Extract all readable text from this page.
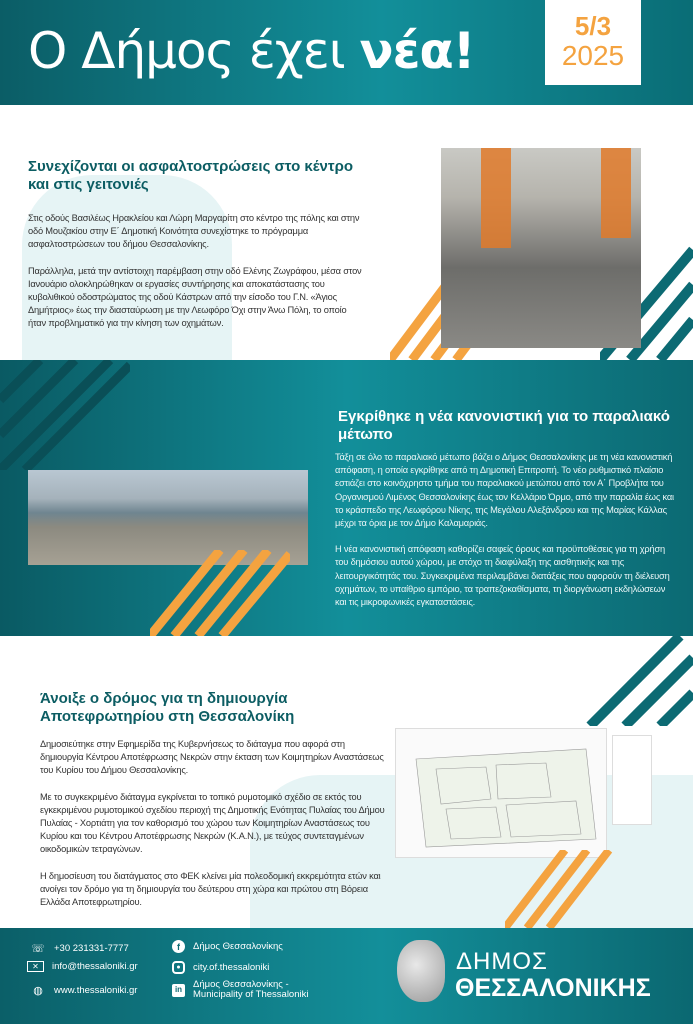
Ο Δήμος έχει νέα!	5/3
2025
Συνεχίζονται οι ασφαλτοστρώσεις στο κέντρο και στις γειτονιές

Στις οδούς Βασιλέως Ηρακλείου και Λώρη Μαργαρίτη στο κέντρο της πόλης και στην οδό Μουζακίου στην Ε΄ Δημοτική Κοινότητα συνεχίστηκε το πρόγραμμα ασφαλτοστρώσεων του δήμου Θεσσαλονίκης.

Παράλληλα, μετά την αντίστοιχη παρέμβαση στην οδό Ελένης Ζωγράφου, μέσα στον Ιανουάριο ολοκληρώθηκαν οι εργασίες συντήρησης και αποκατάστασης του κυβολιθικού οδοστρώματος της οδού Κάστρων από την είσοδο του Γ.Ν. «Άγιος Δημήτριος» έως την διασταύρωση με την Λεωφόρο Όχι στην Άνω Πόλη, το οποίο ήταν προβληματικό για την κίνηση των οχημάτων.

Εγκρίθηκε η νέα κανονιστική για το παραλιακό μέτωπο

Τάξη σε όλο το παραλιακό μέτωπο βάζει ο Δήμος Θεσσαλονίκης με τη νέα κανονιστική απόφαση, η οποία εγκρίθηκε από τη Δημοτική Επιτροπή. Το νέο ρυθμιστικό πλαίσιο εστιάζει στο κοινόχρηστο τμήμα του παραλιακού μετώπου από τον Α΄ Προβλήτα του Οργανισμού Λιμένος Θεσσαλονίκης έως τον Κελλάριο Όρμο, από την παραλία έως και το κράσπεδο της Λεωφόρου Νίκης, της Μεγάλου Αλεξάνδρου και της Μαρίας Κάλλας μέχρι τα όρια με τον Δήμο Καλαμαριάς.

Η νέα κανονιστική απόφαση καθορίζει σαφείς όρους και προϋποθέσεις για τη χρήση του δημόσιου αυτού χώρου, με στόχο τη διαφύλαξη της αισθητικής και της λειτουργικότητάς του. Συγκεκριμένα περιλαμβάνει διατάξεις που αφορούν τη διέλευση οχημάτων, το υπαίθριο εμπόριο, τα τραπεζοκαθίσματα, τη διοργάνωση εκδηλώσεων και τις μικροφωνικές εγκαταστάσεις.

Άνοιξε ο δρόμος για τη δημιουργία Αποτεφρωτηρίου στη Θεσσαλονίκη

Δημοσιεύτηκε στην Εφημερίδα της Κυβερνήσεως το διάταγμα που αφορά στη δημιουργία Κέντρου Αποτέφρωσης Νεκρών στην έκταση των Κοιμητηρίων Αναστάσεως του Κυρίου του Δήμου Θεσσαλονίκης.

Με το συγκεκριμένο διάταγμα εγκρίνεται το τοπικό ρυμοτομικό σχέδιο σε εκτός του εγκεκριμένου ρυμοτομικού σχεδίου περιοχή της Δημοτικής Ενότητας Πυλαίας του Δήμου Πυλαίας - Χορτιάτη για τον καθορισμό του χώρου των Κοιμητηρίων Αναστάσεως του Κυρίου και του Κέντρου Αποτέφρωσης Νεκρών (Κ.Α.Ν.), με τεύχος συντεταγμένων οικοδομικών τετραγώνων.

Η δημοσίευση του διατάγματος στο ΦΕΚ κλείνει μία πολεοδομική εκκρεμότητα ετών και ανοίγει τον δρόμο για τη δημιουργία του δεύτερου στη χώρα και πρώτου στη Βόρεια Ελλάδα Αποτεφρωτηρίου.

☏ +30 231331-7777
✕	info@thessaloniki.gr
◍	www.thessaloniki.gr
f	Δήμος Θεσσαλονίκης
●	city.of.thessaloniki
in	Δήμος Θεσσαλονίκης -
Municipality of Thessaloniki
ΔΗΜΟΣ
ΘΕΣΣΑΛΟΝΙΚΗΣ
